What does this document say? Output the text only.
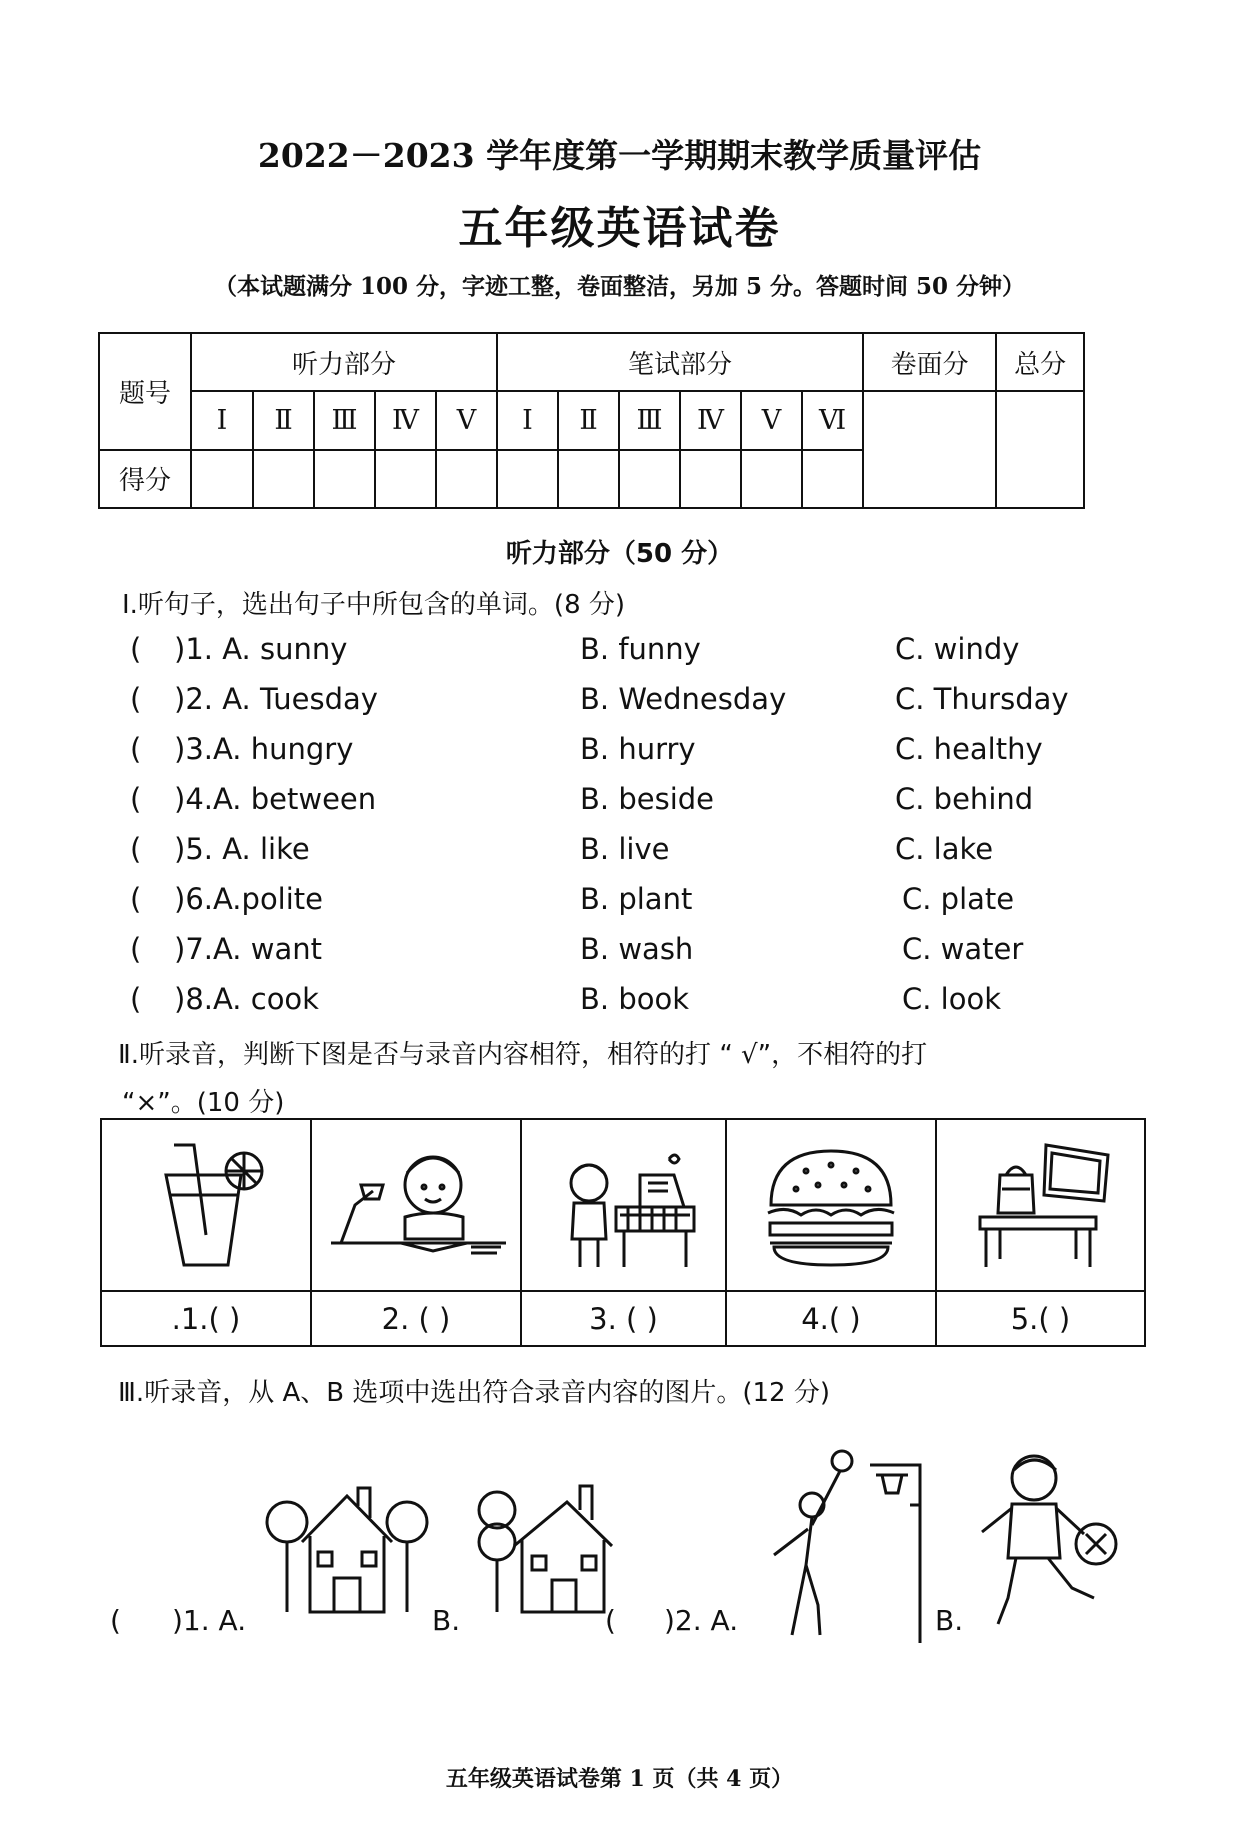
2022－2023 学年度第一学期期末教学质量评估
五年级英语试卷
（本试题满分 100 分，字迹工整，卷面整洁，另加 5 分。答题时间 50 分钟）
题号	听力部分					笔试部分						卷面分	总分
	Ⅰ	Ⅱ	Ⅲ	Ⅳ	Ⅴ	Ⅰ	Ⅱ	Ⅲ	Ⅳ	Ⅴ	Ⅵ		
得分													
听力部分（50 分）
Ⅰ.听句子，选出句子中所包含的单词。(8 分)
( )1. A. sunny	B. funny	C. windy
( )2. A. Tuesday	B. Wednesday	C. Thursday
( )3.A. hungry	B. hurry	C. healthy
( )4.A. between	B. beside	C. behind
( )5. A. like	B. live	C. lake
( )6.A.polite	B. plant	C. plate
( )7.A. want	B. wash	C. water
( )8.A. cook	B. book	C. look
Ⅱ.听录音，判断下图是否与录音内容相符，相符的打 “ √”，不相符的打
“×”。(10 分)

.1.( )	2. ( )	3. ( )	4.( )	5.( )
Ⅲ.听录音，从 A、B 选项中选出符合录音内容的图片。(12 分)
( )1. A.	B.	( )2. A.	B.
五年级英语试卷第 1 页（共 4 页）
